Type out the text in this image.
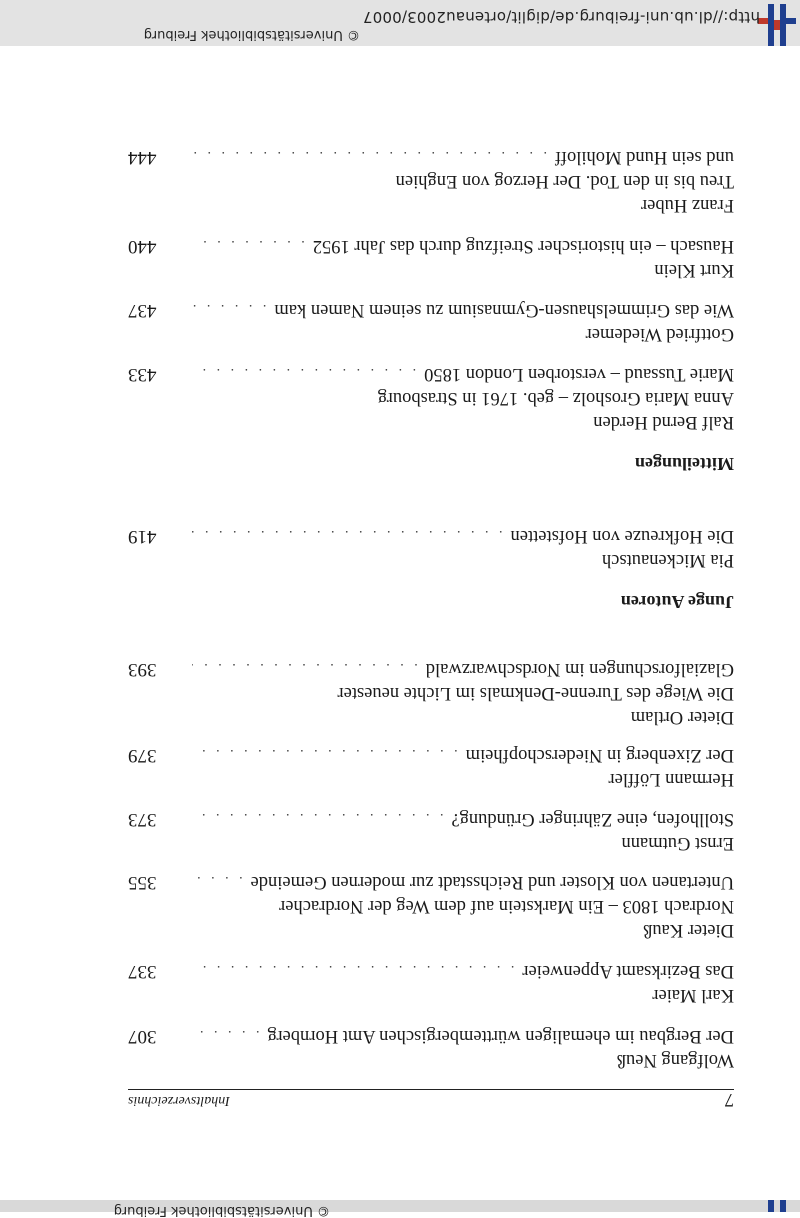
© Universitätsbibliothek Freiburg
© Universitätsbibliothek Freiburg
http://dl.ub.uni-freiburg.de/diglit/ortenau2003/0007
7
Inhaltsverzeichnis
Wolfgang Neuß
Der Bergbau im ehemaligen württembergischen Amt Hornberg
. . .
307
Karl Maier
Das Bezirksamt Appenweier
. . .
337
Dieter Kauß
Nordrach 1803 – Ein Markstein auf dem Weg der Nordracher
Untertanen von Kloster und Reichsstadt zur modernen Gemeinde
. . .
355
Ernst Gutmann
Stollhofen, eine Zähringer Gründung?
. . .
373
Hermann Löffler
Der Zixenberg in Niederschopfheim
. . .
379
Dieter Ortlam
Die Wiege des Turenne-Denkmals im Lichte neuester
Glazialforschungen im Nordschwarzwald
. . .
393
Junge Autoren
Pia Mickenautsch
Die Hofkreuze von Hofstetten
. . .
419
Mitteilungen
Ralf Bernd Herden
Anna Maria Grosholz – geb. 1761 in Strasbourg
Marie Tussaud – verstorben London 1850
. . .
433
Gottfried Wiedemer
Wie das Grimmelshausen-Gymnasium zu seinem Namen kam
. . .
437
Kurt Klein
Hausach – ein historischer Streifzug durch das Jahr 1952
. . .
440
Franz Huber
Treu bis in den Tod. Der Herzog von Enghien
und sein Hund Mohiloff
. . .
444
